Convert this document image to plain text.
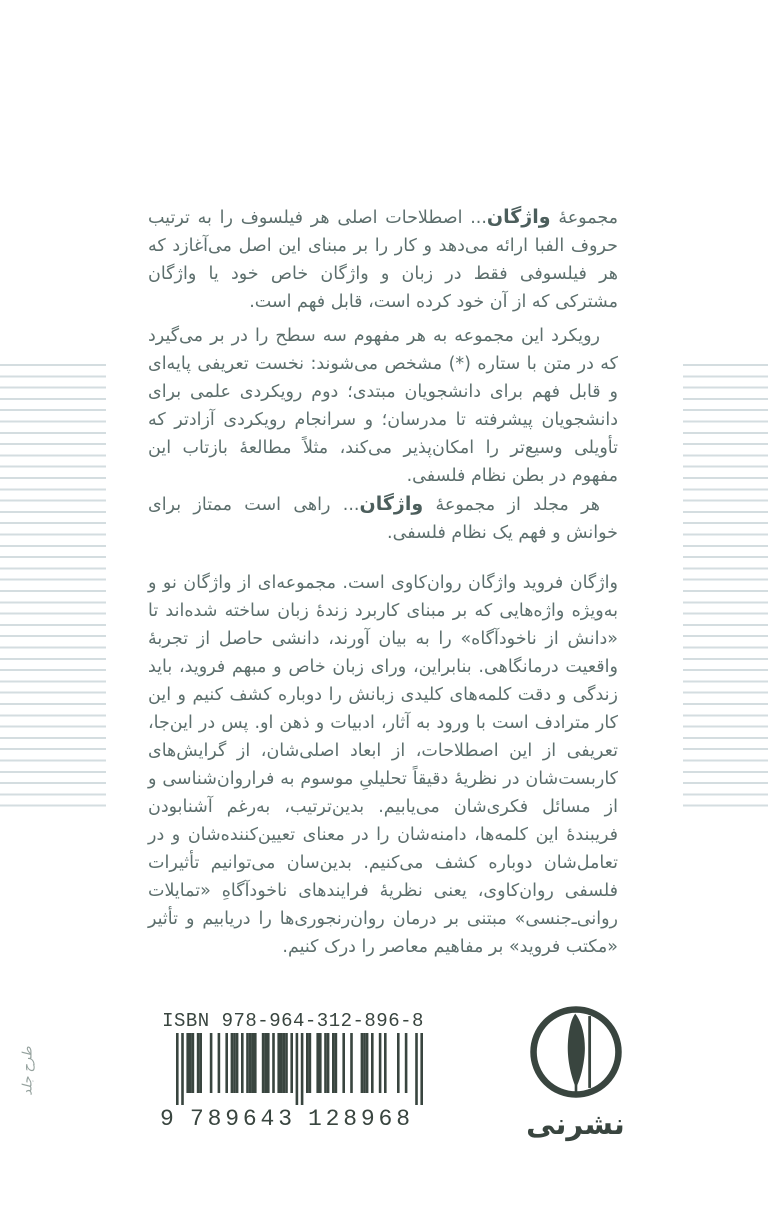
مجموعهٔ واژگان... اصطلاحات اصلی هر فیلسوف را به ترتیب حروف الفبا ارائه می‌دهد و کار را بر مبنای این اصل می‌آغازد که هر فیلسوفی فقط در زبان و واژگان خاص خود یا واژگان مشترکی که از آن خود کرده است، قابل فهم است.

رویکرد این مجموعه به هر مفهوم سه سطح را در بر می‌گیرد که در متن با ستاره (*) مشخص می‌شوند: نخست تعریفی پایه‌ای و قابل فهم برای دانشجویان مبتدی؛ دوم رویکردی علمی برای دانشجویان پیشرفته تا مدرسان؛ و سرانجام رویکردی آزادتر که تأویلی وسیع‌تر را امکان‌پذیر می‌کند، مثلاً مطالعهٔ بازتاب این مفهوم در بطن نظام فلسفی.

هر مجلد از مجموعهٔ واژگان... راهی است ممتاز برای خوانش و فهم یک نظام فلسفی.

واژگان فروید واژگان روان‌کاوی است. مجموعه‌ای از واژگان نو و به‌ویژه واژه‌هایی که بر مبنای کاربرد زندهٔ زبان ساخته شده‌اند تا «دانش از ناخودآگاه» را به بیان آورند، دانشی حاصل از تجربهٔ واقعیت درمانگاهی. بنابراین، ورای زبان خاص و مبهم فروید، باید زندگی و دقت کلمه‌های کلیدی زبانش را دوباره کشف کنیم و این کار مترادف است با ورود به آثار، ادبیات و ذهن او. پس در این‌جا، تعریفی از این اصطلاحات، از ابعاد اصلی‌شان، از گرایش‌های کاربست‌شان در نظریهٔ دقیقاً تحلیلیِ موسوم به فراروان‌شناسی و از مسائل فکری‌شان می‌یابیم. بدین‌ترتیب، به‌رغم آشنابودن فریبندهٔ این کلمه‌ها، دامنه‌شان را در معنای تعیین‌کننده‌شان و در تعامل‌شان دوباره کشف می‌کنیم. بدین‌سان می‌توانیم تأثیرات فلسفی روان‌کاوی، یعنی نظریهٔ فرایندهای ناخودآگاهِ «تمایلات روانی‌ـ‌جنسی» مبتنی بر درمان روان‌رنجوری‌ها را دریابیم و تأثیر «مکتب فروید» بر مفاهیم معاصر را درک کنیم.

طرح جلد
ISBN 978-964-312-896-8
9 789643 128968	نشرنی
